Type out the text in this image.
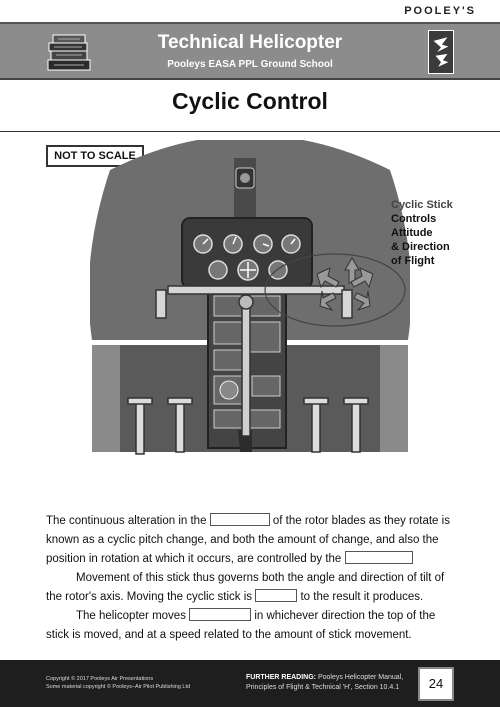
POOLEY'S
Technical Helicopter
Pooleys EASA PPL Ground School
Cyclic Control
NOT TO SCALE
Cyclic Stick
Controls
Attitude
& Direction
of Flight
The continuous alteration in the	of the rotor blades as they rotate is known as a cyclic pitch change, and both the amount of change, and also the position in rotation at which it occurs, are controlled by the
Movement of this stick thus governs both the angle and direction of tilt of the rotor's axis. Moving the cyclic stick is	to the result it produces.
The helicopter moves	in whichever direction the top of the stick is moved, and at a speed related to the amount of stick movement.
Copyright © 2017 Pooleys Air Presentations
Some material copyright © Pooleys–Air Pilot Publishing Ltd
FURTHER READING: Pooleys Helicopter Manual,
Principles of Flight & Technical 'H', Section 10.4.1	24
